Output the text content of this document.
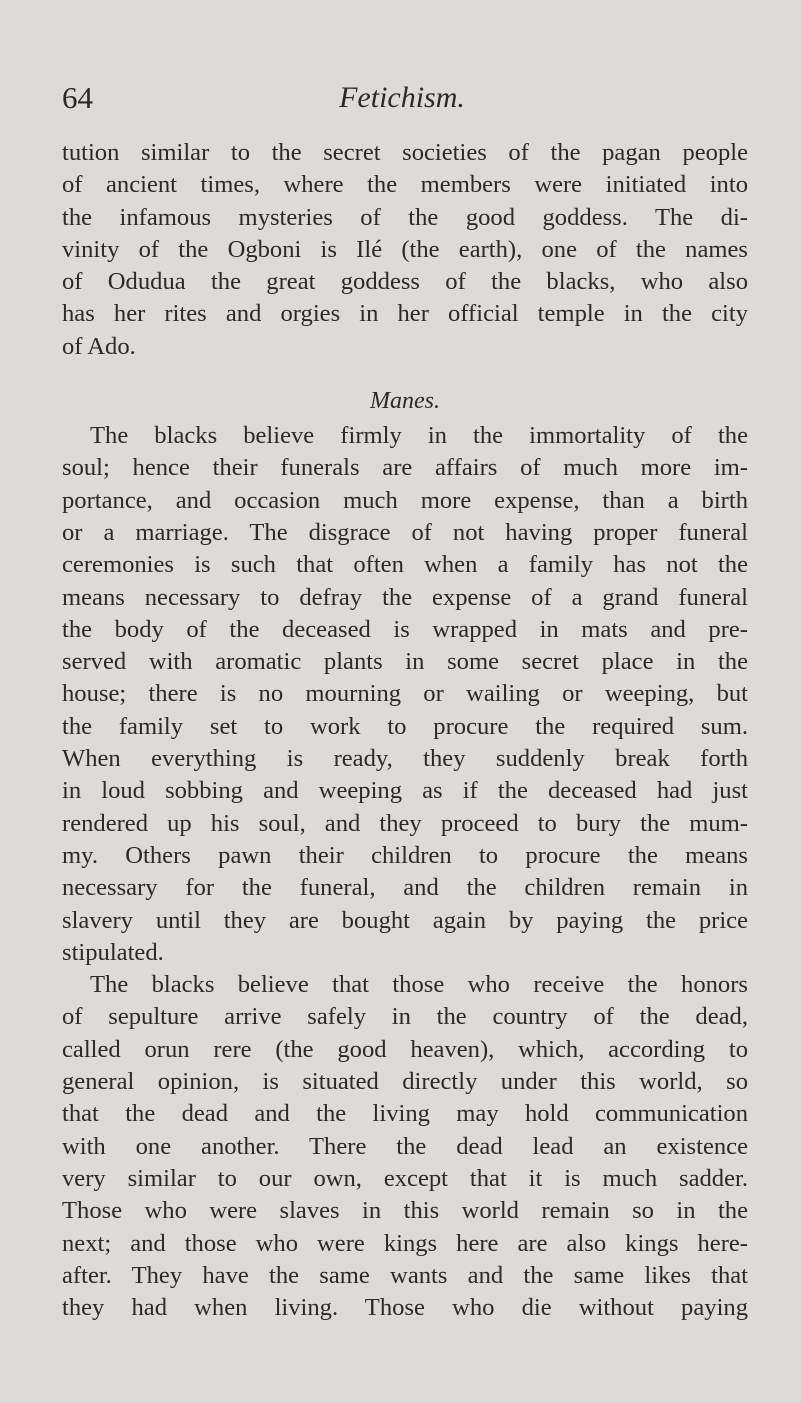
Fetichism.
64
tution similar to the secret societies of the pagan people
of ancient times, where the members were initiated into
the infamous mysteries of the good goddess. The di-
vinity of the Ogboni is Ilé (the earth), one of the names
of Odudua the great goddess of the blacks, who also
has her rites and orgies in her official temple in the city
of Ado.
Manes.
The blacks believe firmly in the immortality of the
soul; hence their funerals are affairs of much more im-
portance, and occasion much more expense, than a birth
or a marriage. The disgrace of not having proper funeral
ceremonies is such that often when a family has not the
means necessary to defray the expense of a grand funeral
the body of the deceased is wrapped in mats and pre-
served with aromatic plants in some secret place in the
house; there is no mourning or wailing or weeping, but
the family set to work to procure the required sum.
When everything is ready, they suddenly break forth
in loud sobbing and weeping as if the deceased had just
rendered up his soul, and they proceed to bury the mum-
my. Others pawn their children to procure the means
necessary for the funeral, and the children remain in
slavery until they are bought again by paying the price
stipulated.
The blacks believe that those who receive the honors
of sepulture arrive safely in the country of the dead,
called orun rere (the good heaven), which, according to
general opinion, is situated directly under this world, so
that the dead and the living may hold communication
with one another. There the dead lead an existence
very similar to our own, except that it is much sadder.
Those who were slaves in this world remain so in the
next; and those who were kings here are also kings here-
after. They have the same wants and the same likes that
they had when living. Those who die without paying
